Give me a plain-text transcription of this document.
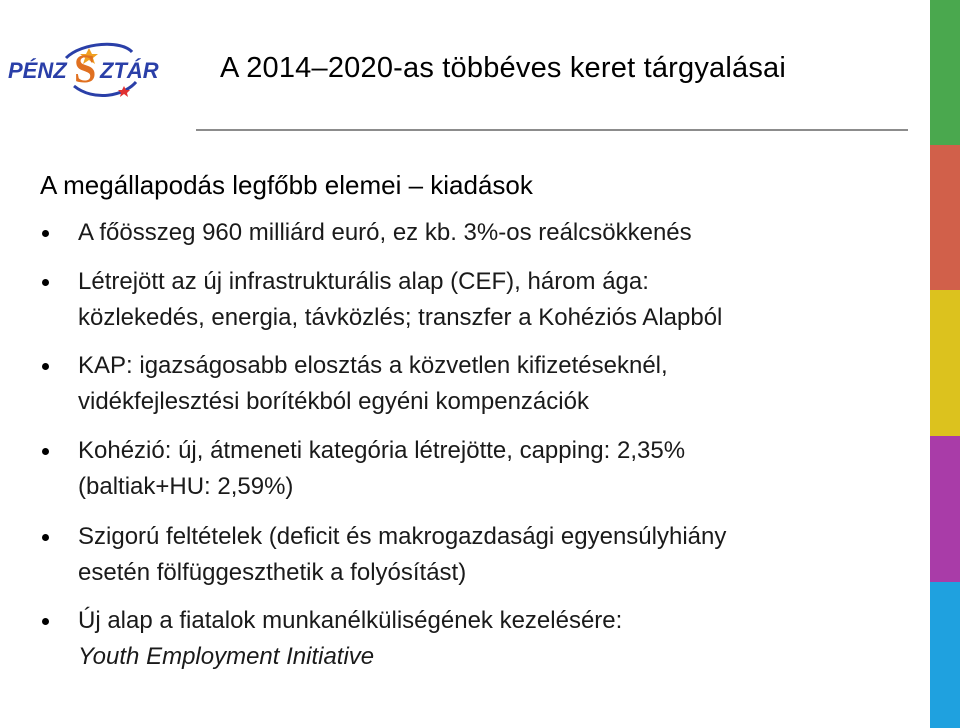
PÉNZ S ZTÁR A 2014–2020-as többéves keret tárgyalásai
A megállapodás legfőbb elemei – kiadások
A főösszeg 960 milliárd euró, ez kb. 3%-os reálcsökkenés
Létrejött az új infrastrukturális alap (CEF), három ága:
közlekedés, energia, távközlés; transzfer a Kohéziós Alapból
KAP: igazságosabb elosztás a közvetlen kifizetéseknél,
vidékfejlesztési borítékból egyéni kompenzációk
Kohézió: új, átmeneti kategória létrejötte, capping: 2,35%
(baltiak+HU: 2,59%)
Szigorú feltételek (deficit és makrogazdasági egyensúlyhiány
esetén fölfüggeszthetik a folyósítást)
Új alap a fiatalok munkanélküliségének kezelésére:
Youth Employment Initiative
